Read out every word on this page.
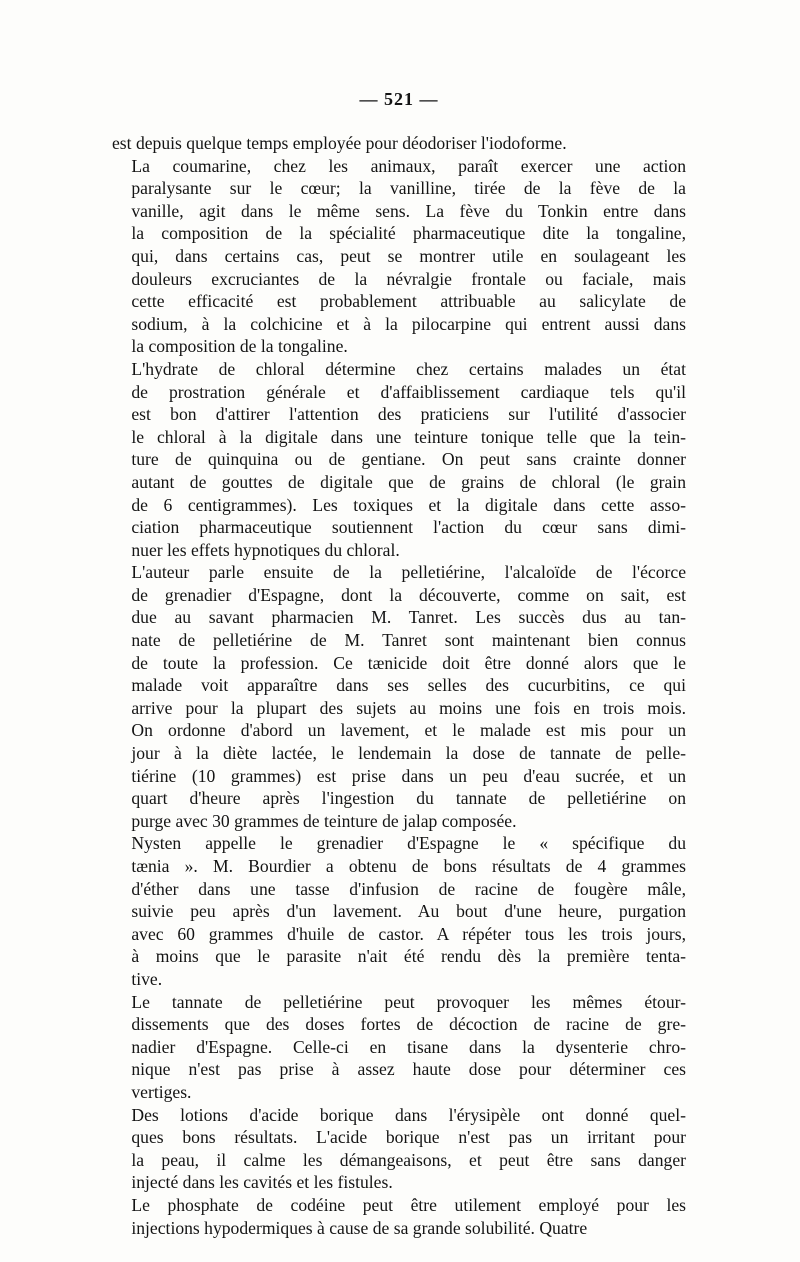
— 521 —

est depuis quelque temps employée pour déodoriser l'iodoforme.

La coumarine, chez les animaux, paraît exercer une action
paralysante sur le cœur; la vanilline, tirée de la fève de la
vanille, agit dans le même sens. La fève du Tonkin entre dans
la composition de la spécialité pharmaceutique dite la tongaline,
qui, dans certains cas, peut se montrer utile en soulageant les
douleurs excruciantes de la névralgie frontale ou faciale, mais
cette efficacité est probablement attribuable au salicylate de
sodium, à la colchicine et à la pilocarpine qui entrent aussi dans
la composition de la tongaline.

L'hydrate de chloral détermine chez certains malades un état
de prostration générale et d'affaiblissement cardiaque tels qu'il
est bon d'attirer l'attention des praticiens sur l'utilité d'associer
le chloral à la digitale dans une teinture tonique telle que la tein-
ture de quinquina ou de gentiane. On peut sans crainte donner
autant de gouttes de digitale que de grains de chloral (le grain
de 6 centigrammes). Les toxiques et la digitale dans cette asso-
ciation pharmaceutique soutiennent l'action du cœur sans dimi-
nuer les effets hypnotiques du chloral.

L'auteur parle ensuite de la pelletiérine, l'alcaloïde de l'écorce
de grenadier d'Espagne, dont la découverte, comme on sait, est
due au savant pharmacien M. Tanret. Les succès dus au tan-
nate de pelletiérine de M. Tanret sont maintenant bien connus
de toute la profession. Ce tænicide doit être donné alors que le
malade voit apparaître dans ses selles des cucurbitins, ce qui
arrive pour la plupart des sujets au moins une fois en trois mois.
On ordonne d'abord un lavement, et le malade est mis pour un
jour à la diète lactée, le lendemain la dose de tannate de pelle-
tiérine (10 grammes) est prise dans un peu d'eau sucrée, et un
quart d'heure après l'ingestion du tannate de pelletiérine on
purge avec 30 grammes de teinture de jalap composée.

Nysten appelle le grenadier d'Espagne le « spécifique du
tænia ». M. Bourdier a obtenu de bons résultats de 4 grammes
d'éther dans une tasse d'infusion de racine de fougère mâle,
suivie peu après d'un lavement. Au bout d'une heure, purgation
avec 60 grammes d'huile de castor. A répéter tous les trois jours,
à moins que le parasite n'ait été rendu dès la première tenta-
tive.

Le tannate de pelletiérine peut provoquer les mêmes étour-
dissements que des doses fortes de décoction de racine de gre-
nadier d'Espagne. Celle-ci en tisane dans la dysenterie chro-
nique n'est pas prise à assez haute dose pour déterminer ces
vertiges.

Des lotions d'acide borique dans l'érysipèle ont donné quel-
ques bons résultats. L'acide borique n'est pas un irritant pour
la peau, il calme les démangeaisons, et peut être sans danger
injecté dans les cavités et les fistules.

Le phosphate de codéine peut être utilement employé pour les
injections hypodermiques à cause de sa grande solubilité. Quatre
